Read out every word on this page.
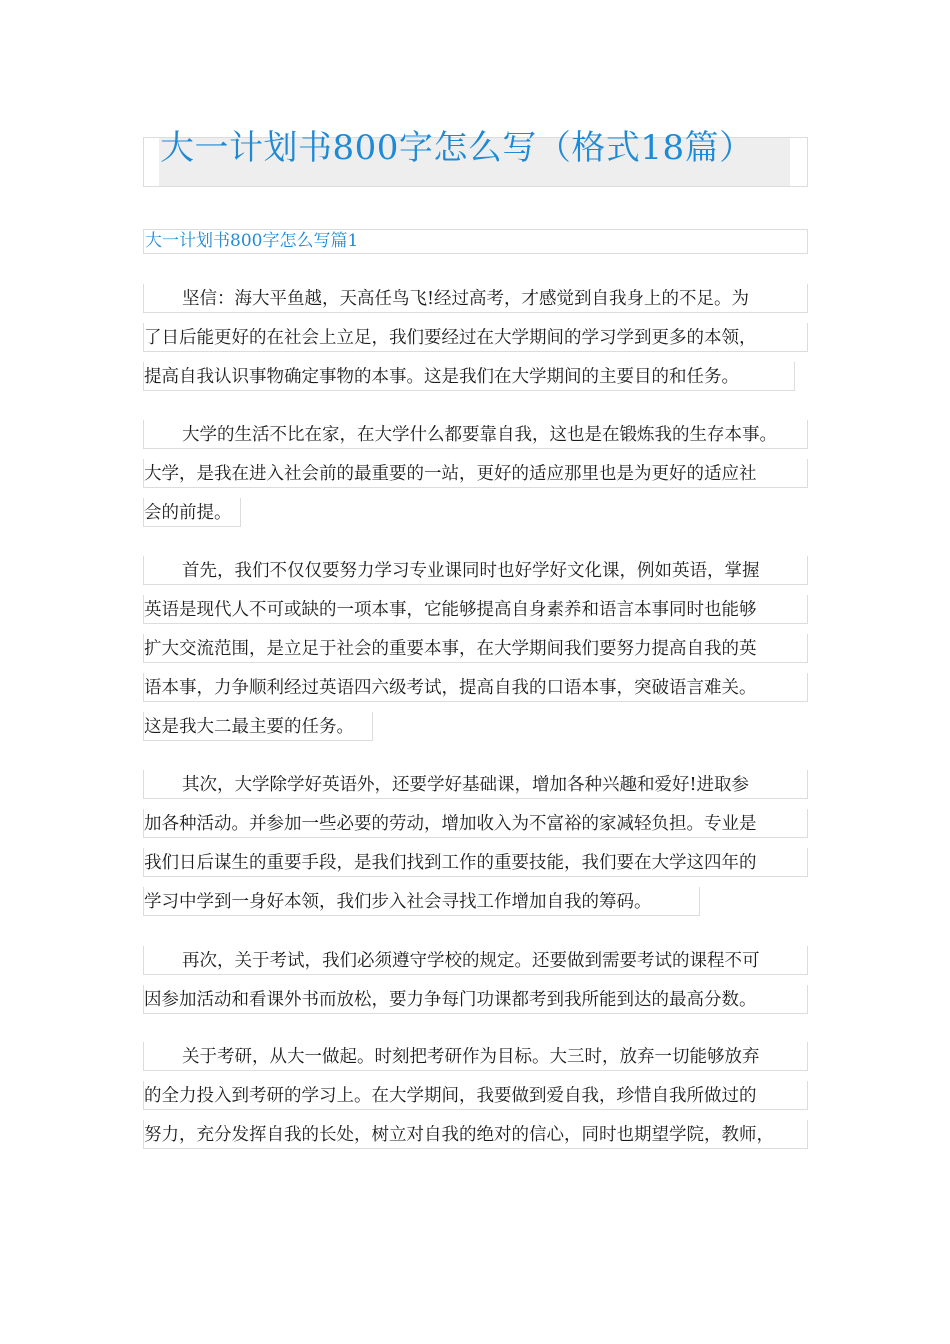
大一计划书800字怎么写（格式18篇）
大一计划书800字怎么写篇1
坚信：海大平鱼越，天高任鸟飞!经过高考，才感觉到自我身上的不足。为
了日后能更好的在社会上立足，我们要经过在大学期间的学习学到更多的本领，
提高自我认识事物确定事物的本事。这是我们在大学期间的主要目的和任务。
大学的生活不比在家，在大学什么都要靠自我，这也是在锻炼我的生存本事。
大学，是我在进入社会前的最重要的一站，更好的适应那里也是为更好的适应社
会的前提。
首先，我们不仅仅要努力学习专业课同时也好学好文化课，例如英语，掌握
英语是现代人不可或缺的一项本事，它能够提高自身素养和语言本事同时也能够
扩大交流范围，是立足于社会的重要本事，在大学期间我们要努力提高自我的英
语本事，力争顺利经过英语四六级考试，提高自我的口语本事，突破语言难关。
这是我大二最主要的任务。
其次，大学除学好英语外，还要学好基础课，增加各种兴趣和爱好!进取参
加各种活动。并参加一些必要的劳动，增加收入为不富裕的家减轻负担。专业是
我们日后谋生的重要手段，是我们找到工作的重要技能，我们要在大学这四年的
学习中学到一身好本领，我们步入社会寻找工作增加自我的筹码。
再次，关于考试，我们必须遵守学校的规定。还要做到需要考试的课程不可
因参加活动和看课外书而放松，要力争每门功课都考到我所能到达的最高分数。
关于考研，从大一做起。时刻把考研作为目标。大三时，放弃一切能够放弃
的全力投入到考研的学习上。在大学期间，我要做到爱自我，珍惜自我所做过的
努力，充分发挥自我的长处，树立对自我的绝对的信心，同时也期望学院，教师，
